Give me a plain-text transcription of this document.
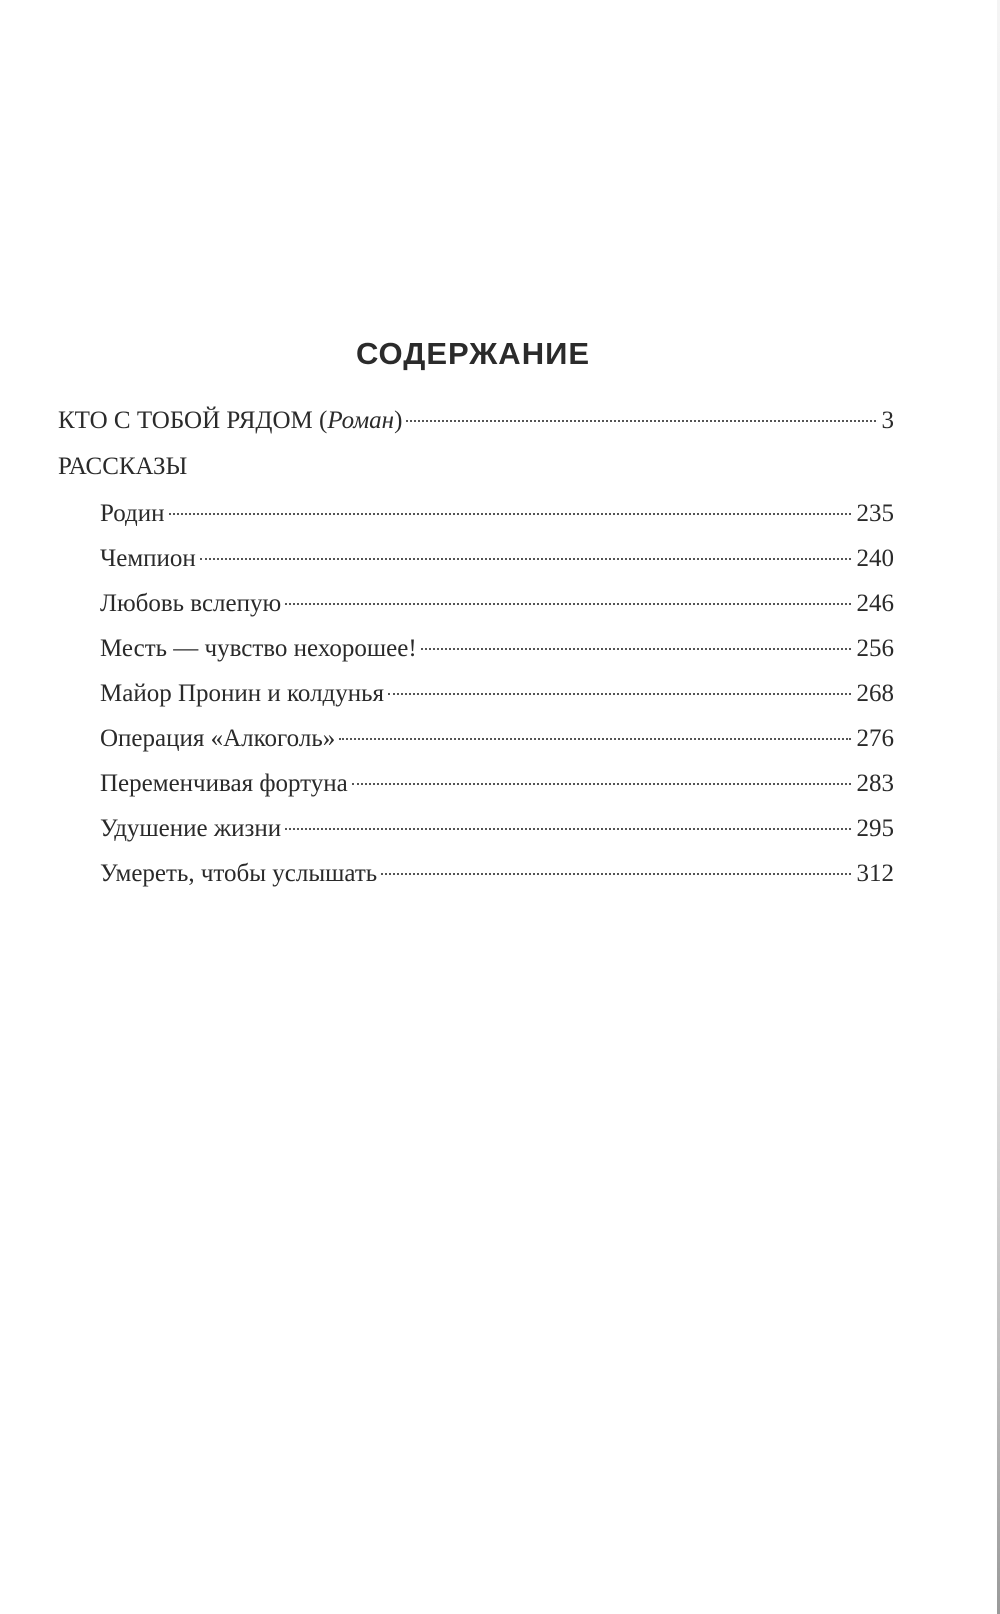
СОДЕРЖАНИЕ
КТО С ТОБОЙ РЯДОМ (Роман)	3
РАССКАЗЫ
Родин	235
Чемпион	240
Любовь вслепую	246
Месть — чувство нехорошее!	256
Майор Пронин и колдунья	268
Операция «Алкоголь»	276
Переменчивая фортуна	283
Удушение жизни	295
Умереть, чтобы услышать	312
